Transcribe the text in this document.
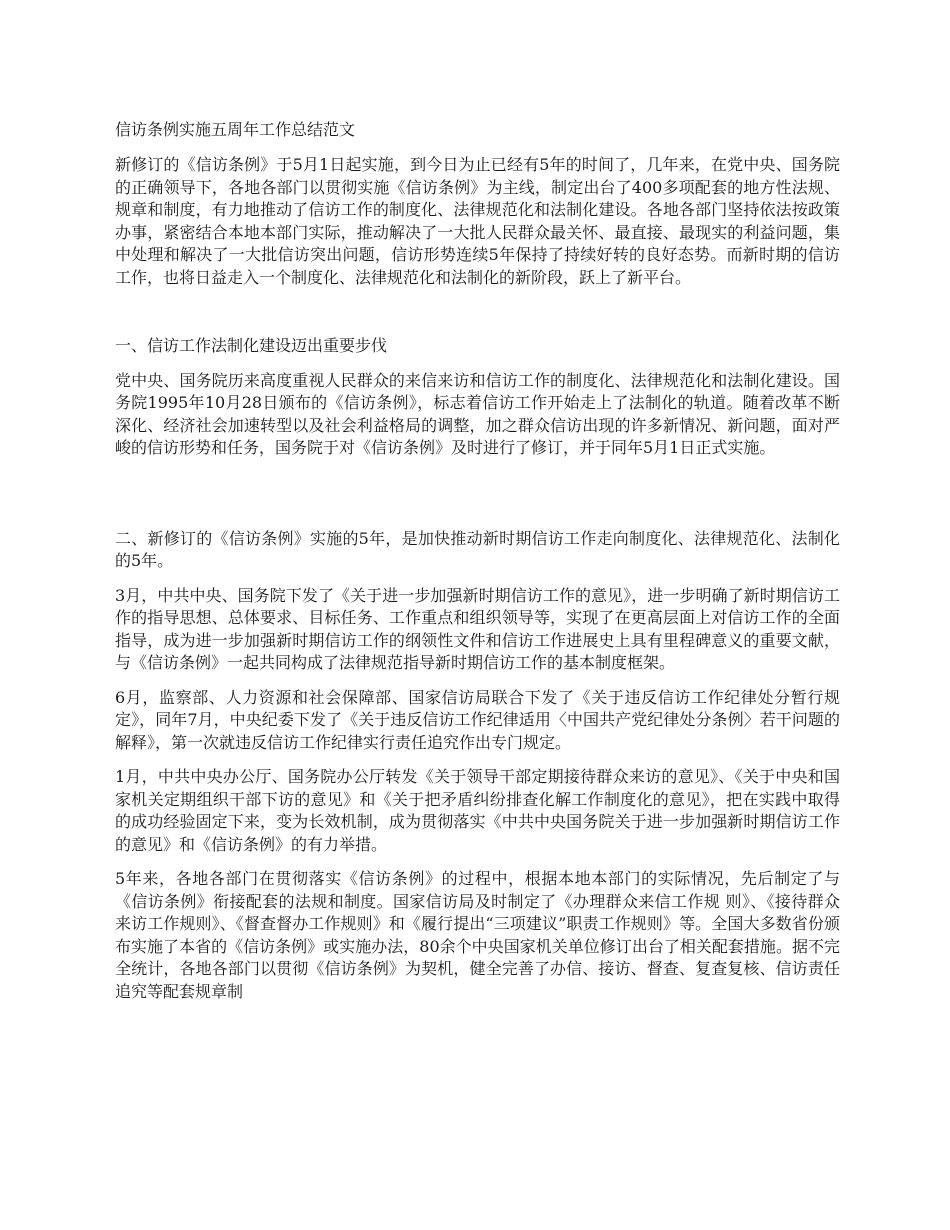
信访条例实施五周年工作总结范文

新修订的《信访条例》于5月1日起实施，到今日为止已经有5年的时间了，几年来，在党中央、国务院的正确领导下，各地各部门以贯彻实施《信访条例》为主线，制定出台了400多项配套的地方性法规、规章和制度，有力地推动了信访工作的制度化、法律规范化和法制化建设。各地各部门坚持依法按政策办事，紧密结合本地本部门实际，推动解决了一大批人民群众最关怀、最直接、最现实的利益问题，集中处理和解决了一大批信访突出问题，信访形势连续5年保持了持续好转的良好态势。而新时期的信访工作，也将日益走入一个制度化、法律规范化和法制化的新阶段，跃上了新平台。

一、信访工作法制化建设迈出重要步伐

党中央、国务院历来高度重视人民群众的来信来访和信访工作的制度化、法律规范化和法制化建设。国务院1995年10月28日颁布的《信访条例》，标志着信访工作开始走上了法制化的轨道。随着改革不断深化、经济社会加速转型以及社会利益格局的调整，加之群众信访出现的许多新情况、新问题，面对严峻的信访形势和任务，国务院于对《信访条例》及时进行了修订，并于同年5月1日正式实施。

二、新修订的《信访条例》实施的5年，是加快推动新时期信访工作走向制度化、法律规范化、法制化的5年。

3月，中共中央、国务院下发了《关于进一步加强新时期信访工作的意见》，进一步明确了新时期信访工作的指导思想、总体要求、目标任务、工作重点和组织领导等，实现了在更高层面上对信访工作的全面指导，成为进一步加强新时期信访工作的纲领性文件和信访工作进展史上具有里程碑意义的重要文献，与《信访条例》一起共同构成了法律规范指导新时期信访工作的基本制度框架。

6月，监察部、人力资源和社会保障部、国家信访局联合下发了《关于违反信访工作纪律处分暂行规定》，同年7月，中央纪委下发了《关于违反信访工作纪律适用〈中国共产党纪律处分条例〉若干问题的解释》，第一次就违反信访工作纪律实行责任追究作出专门规定。

1月，中共中央办公厅、国务院办公厅转发《关于领导干部定期接待群众来访的意见》、《关于中央和国家机关定期组织干部下访的意见》和《关于把矛盾纠纷排查化解工作制度化的意见》，把在实践中取得的成功经验固定下来，变为长效机制，成为贯彻落实《中共中央国务院关于进一步加强新时期信访工作的意见》和《信访条例》的有力举措。

5年来，各地各部门在贯彻落实《信访条例》的过程中，根据本地本部门的实际情况，先后制定了与《信访条例》衔接配套的法规和制度。国家信访局及时制定了《办理群众来信工作规 则》、《接待群众来访工作规则》、《督查督办工作规则》和《履行提出“三项建议”职责工作规则》等。全国大多数省份颁布实施了本省的《信访条例》或实施办法，80余个中央国家机关单位修订出台了相关配套措施。据不完全统计，各地各部门以贯彻《信访条例》为契机，健全完善了办信、接访、督查、复查复核、信访责任追究等配套规章制
